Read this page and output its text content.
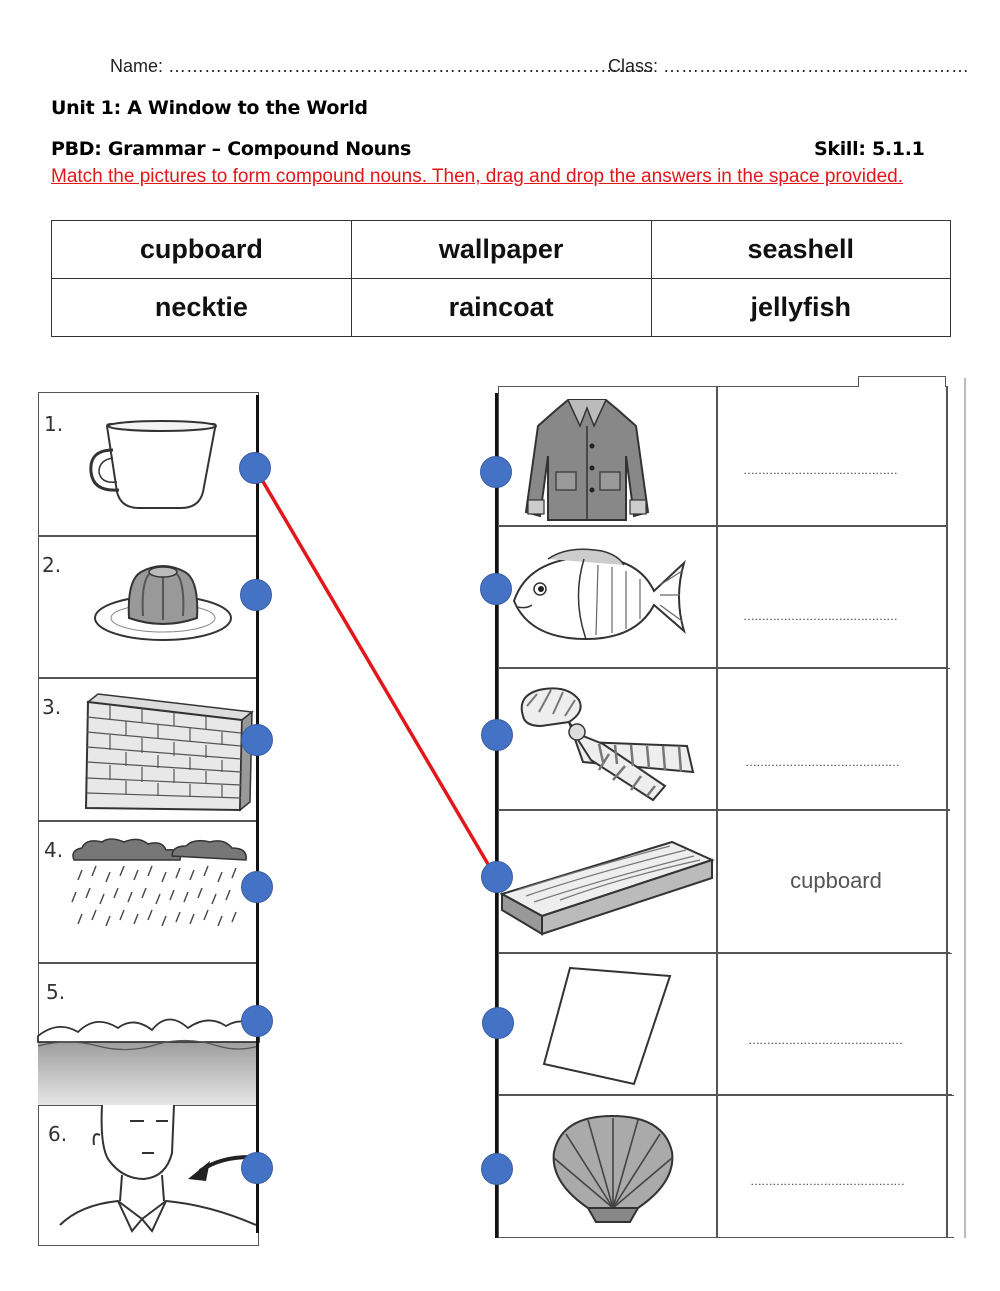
Name: ………………………………………………………………………
Class: ……………………………………………
Unit 1: A Window to the World
PBD: Grammar – Compound Nouns	Skill: 5.1.1
Match the pictures to form compound nouns. Then, drag and drop the answers in the space provided.
cupboard	wallpaper	seashell
necktie	raincoat	jellyfish
1.
2.
3.
4.
5.
6.
……………………………………
……………………………………
……………………………………
cupboard
……………………………………
……………………………………
